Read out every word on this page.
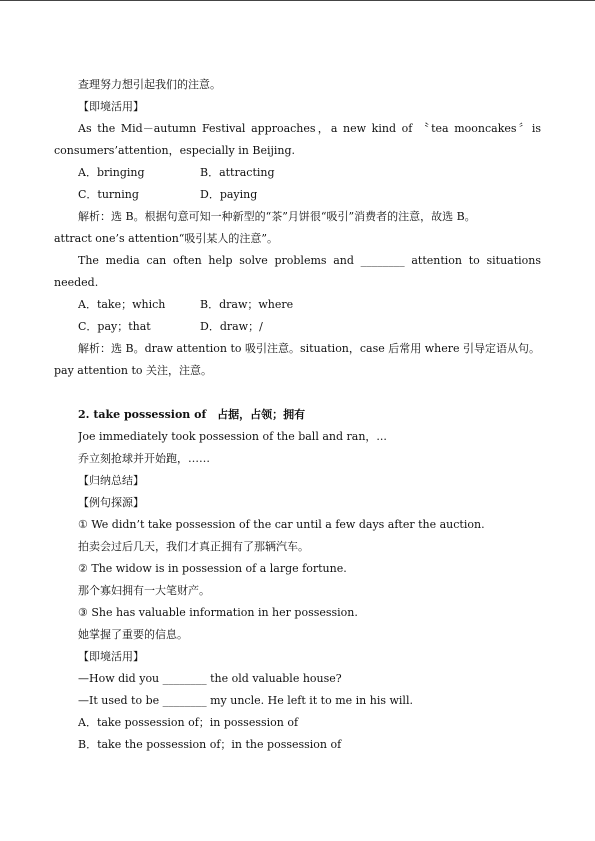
查理努力想引起我们的注意。
【即境活用】
As the Mid－autumn Festival approaches，a new kind of 〝tea mooncakes〞is
consumers’attention，especially in Beijing.
A．bringing	B．attracting
C．turning	D．paying
解析：选 B。根据句意可知一种新型的“茶”月饼很“吸引”消费者的注意，故选 B。
attract one’s attention“吸引某人的注意”。
The media can often help solve problems and ________ attention to situations
needed.
A．take；which	B．draw；where
C．pay；that	D．draw；/
解析：选 B。draw attention to 吸引注意。situation，case 后常用 where 引导定语从句。
pay attention to 关注，注意。
2. take possession of　占据，占领；拥有
Joe immediately took possession of the ball and ran，...
乔立刻抢球并开始跑，……
【归纳总结】
【例句探源】
① We didn’t take possession of the car until a few days after the auction.
拍卖会过后几天，我们才真正拥有了那辆汽车。
② The widow is in possession of a large fortune.
那个寡妇拥有一大笔财产。
③ She has valuable information in her possession.
她掌握了重要的信息。
【即境活用】
—How did you ________ the old valuable house?
—It used to be ________ my uncle. He left it to me in his will.
A．take possession of；in possession of
B．take the possession of；in the possession of
